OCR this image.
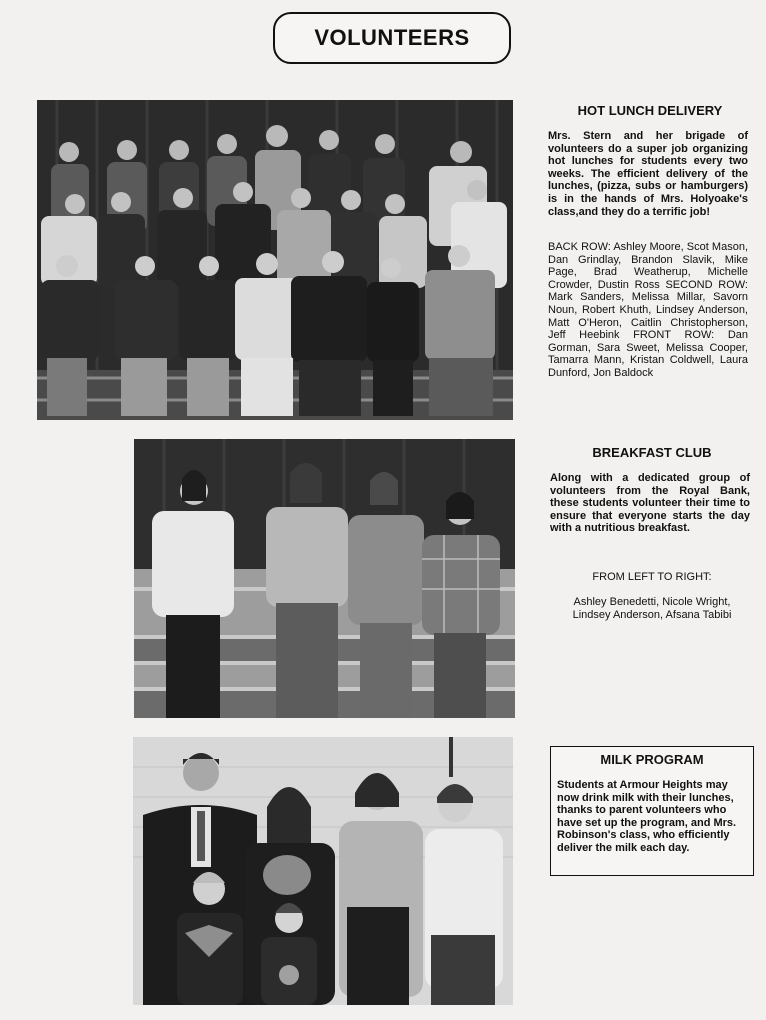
VOLUNTEERS
HOT LUNCH DELIVERY
Mrs. Stern and her brigade of volunteers do a super job organizing hot lunches for students every two weeks. The efficient delivery of the lunches, (pizza, subs or hamburgers) is in the hands of Mrs. Holyoake's class,and they do a terrific job!
BACK ROW: Ashley Moore, Scot Mason, Dan Grindlay, Brandon Slavik, Mike Page, Brad Weatherup, Michelle Crowder, Dustin Ross SECOND ROW: Mark Sanders, Melissa Millar, Savorn Noun, Robert Khuth, Lindsey Anderson, Matt O'Heron, Caitlin Christopherson, Jeff Heebink FRONT ROW: Dan Gorman, Sara Sweet, Melissa Cooper, Tamarra Mann, Kristan Coldwell, Laura Dunford, Jon Baldock
BREAKFAST CLUB
Along with a dedicated group of volunteers from the Royal Bank, these students volunteer their time to ensure that everyone starts the day with a nutritious breakfast.
FROM LEFT TO RIGHT:
Ashley Benedetti, Nicole Wright, Lindsey Anderson, Afsana Tabibi
MILK PROGRAM
Students at Armour Heights may now drink milk with their lunches, thanks to parent volunteers who have set up the program, and Mrs. Robinson's class, who efficiently deliver the milk each day.
